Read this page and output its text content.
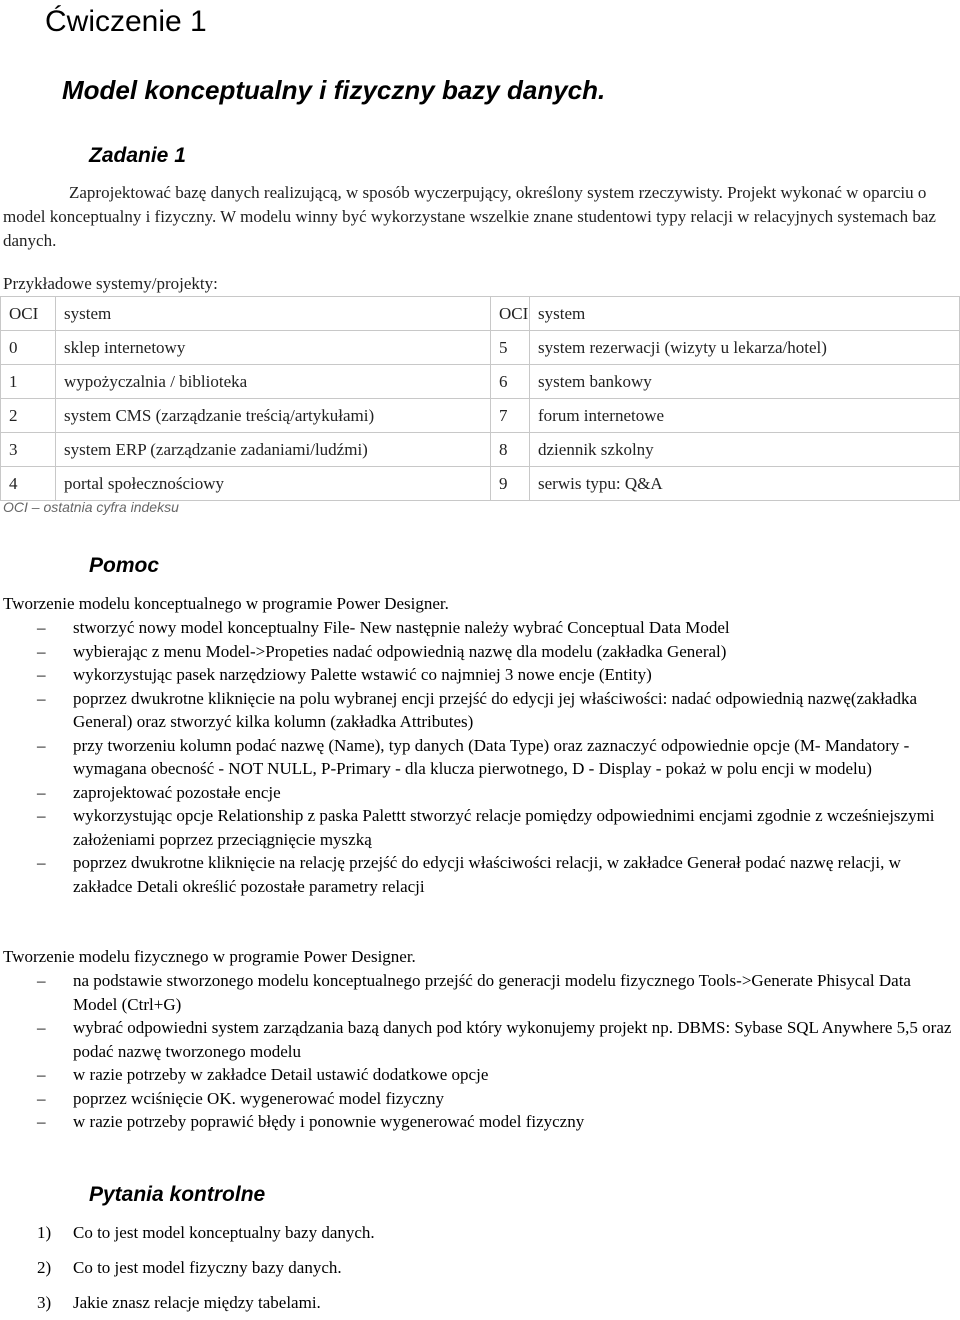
Ćwiczenie 1
Model konceptualny i fizyczny bazy danych.
Zadanie 1
Zaprojektować bazę danych realizującą, w sposób wyczerpujący, określony system rzeczywisty. Projekt wykonać w oparciu o model konceptualny i fizyczny. W modelu winny być wykorzystane wszelkie znane studentowi typy relacji w relacyjnych systemach baz danych.
Przykładowe systemy/projekty:
OCI	system	OCI	system
0	sklep internetowy	5	system rezerwacji (wizyty u lekarza/hotel)
1	wypożyczalnia / biblioteka	6	system bankowy
2	system CMS (zarządzanie treścią/artykułami)	7	forum internetowe
3	system ERP (zarządzanie zadaniami/ludźmi)	8	dziennik szkolny
4	portal społecznościowy	9	serwis typu: Q&A
OCI – ostatnia cyfra indeksu
Pomoc
Tworzenie modelu konceptualnego w programie Power Designer.
– stworzyć nowy model konceptualny File- New następnie należy wybrać Conceptual Data Model
– wybierając z menu Model->Propeties nadać odpowiednią nazwę dla modelu (zakładka General)
– wykorzystując pasek narzędziowy Palette wstawić co najmniej 3 nowe encje (Entity)
– poprzez dwukrotne kliknięcie na polu wybranej encji przejść do edycji jej właściwości: nadać odpowiednią nazwę(zakładka General) oraz stworzyć kilka kolumn (zakładka Attributes)
– przy tworzeniu kolumn podać nazwę (Name), typ danych (Data Type) oraz zaznaczyć odpowiednie opcje (M- Mandatory - wymagana obecność - NOT NULL, P-Primary - dla klucza pierwotnego, D - Display - pokaż w polu encji w modelu)
– zaprojektować pozostałe encje
– wykorzystując opcje Relationship z paska Palettt stworzyć relacje pomiędzy odpowiednimi encjami zgodnie z wcześniejszymi założeniami poprzez przeciągnięcie myszką
– poprzez dwukrotne kliknięcie na relację przejść do edycji właściwości relacji, w zakładce Generał podać nazwę relacji, w zakładce Detali określić pozostałe parametry relacji
Tworzenie modelu fizycznego w programie Power Designer.
– na podstawie stworzonego modelu konceptualnego przejść do generacji modelu fizycznego Tools->Generate Phisycal Data Model (Ctrl+G)
– wybrać odpowiedni system zarządzania bazą danych pod który wykonujemy projekt np. DBMS: Sybase SQL Anywhere 5,5 oraz podać nazwę tworzonego modelu
– w razie potrzeby w zakładce Detail ustawić dodatkowe opcje
– poprzez wciśnięcie OK. wygenerować model fizyczny
– w razie potrzeby poprawić błędy i ponownie wygenerować model fizyczny
Pytania kontrolne
1) Co to jest model konceptualny bazy danych.
2) Co to jest model fizyczny bazy danych.
3) Jakie znasz relacje między tabelami.
